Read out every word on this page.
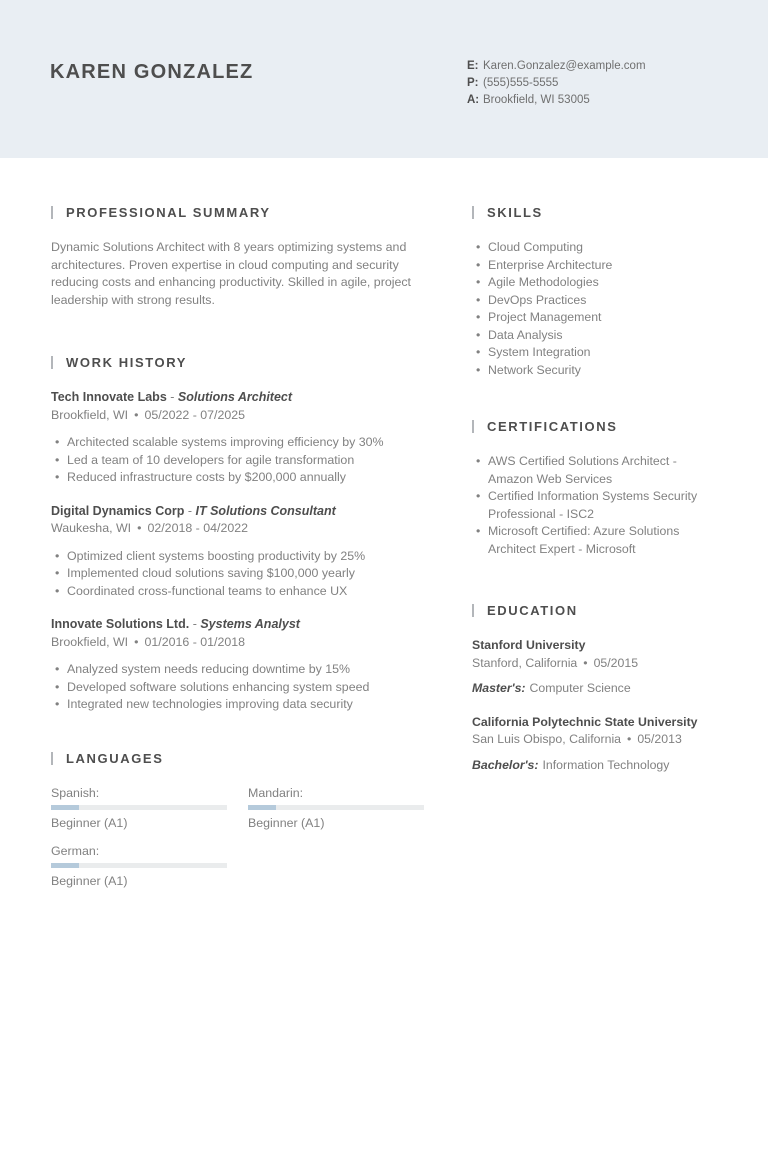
KAREN GONZALEZ	E: Karen.Gonzalez@example.com
P: (555)555-5555
A: Brookfield, WI 53005
PROFESSIONAL SUMMARY

Dynamic Solutions Architect with 8 years optimizing systems and architectures. Proven expertise in cloud computing and security reducing costs and enhancing productivity. Skilled in agile, project leadership with strong results.

WORK HISTORY
Tech Innovate Labs - Solutions Architect
Brookfield, WI • 05/2022 - 07/2025
• Architected scalable systems improving efficiency by 30%
• Led a team of 10 developers for agile transformation
• Reduced infrastructure costs by $200,000 annually
Digital Dynamics Corp - IT Solutions Consultant
Waukesha, WI • 02/2018 - 04/2022
• Optimized client systems boosting productivity by 25%
• Implemented cloud solutions saving $100,000 yearly
• Coordinated cross-functional teams to enhance UX
Innovate Solutions Ltd. - Systems Analyst
Brookfield, WI • 01/2016 - 01/2018
• Analyzed system needs reducing downtime by 15%
• Developed software solutions enhancing system speed
• Integrated new technologies improving data security
LANGUAGES
Spanish:
Beginner (A1)
Mandarin:
Beginner (A1)
German:
Beginner (A1)
SKILLS
• Cloud Computing
• Enterprise Architecture
• Agile Methodologies
• DevOps Practices
• Project Management
• Data Analysis
• System Integration
• Network Security
CERTIFICATIONS
• AWS Certified Solutions Architect - Amazon Web Services
• Certified Information Systems Security Professional - ISC2
• Microsoft Certified: Azure Solutions Architect Expert - Microsoft
EDUCATION
Stanford University
Stanford, California • 05/2015
Master's: Computer Science
California Polytechnic State University
San Luis Obispo, California • 05/2013
Bachelor's: Information Technology
